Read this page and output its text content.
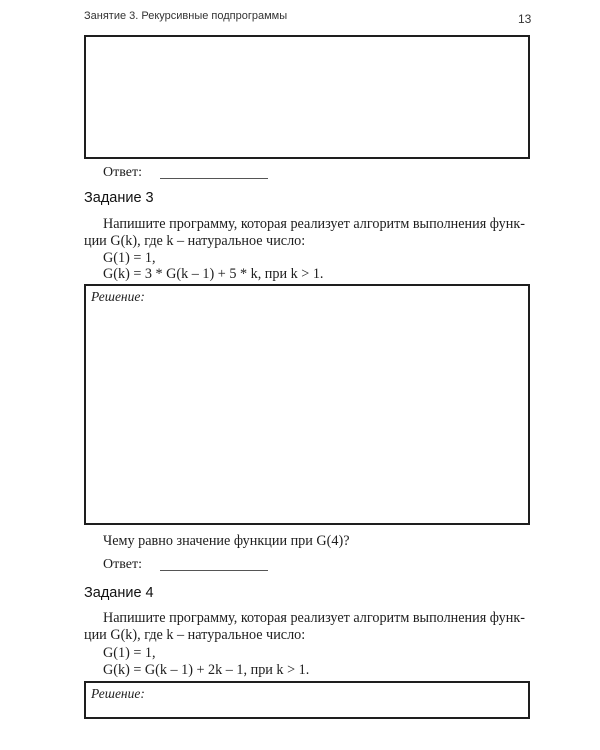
Занятие 3. Рекурсивные подпрограммы	13
Ответ:
Задание 3
Напишите программу, которая реализует алгоритм выполнения функ-
ции G(k), где k – натуральное число:
G(1) = 1,
G(k) = 3 * G(k – 1) + 5 * k, при k > 1.
Решение:
Чему равно значение функции при G(4)?
Ответ:
Задание 4
Напишите программу, которая реализует алгоритм выполнения функ-
ции G(k), где k – натуральное число:
G(1) = 1,
G(k) = G(k – 1) + 2k – 1, при k > 1.
Решение:
